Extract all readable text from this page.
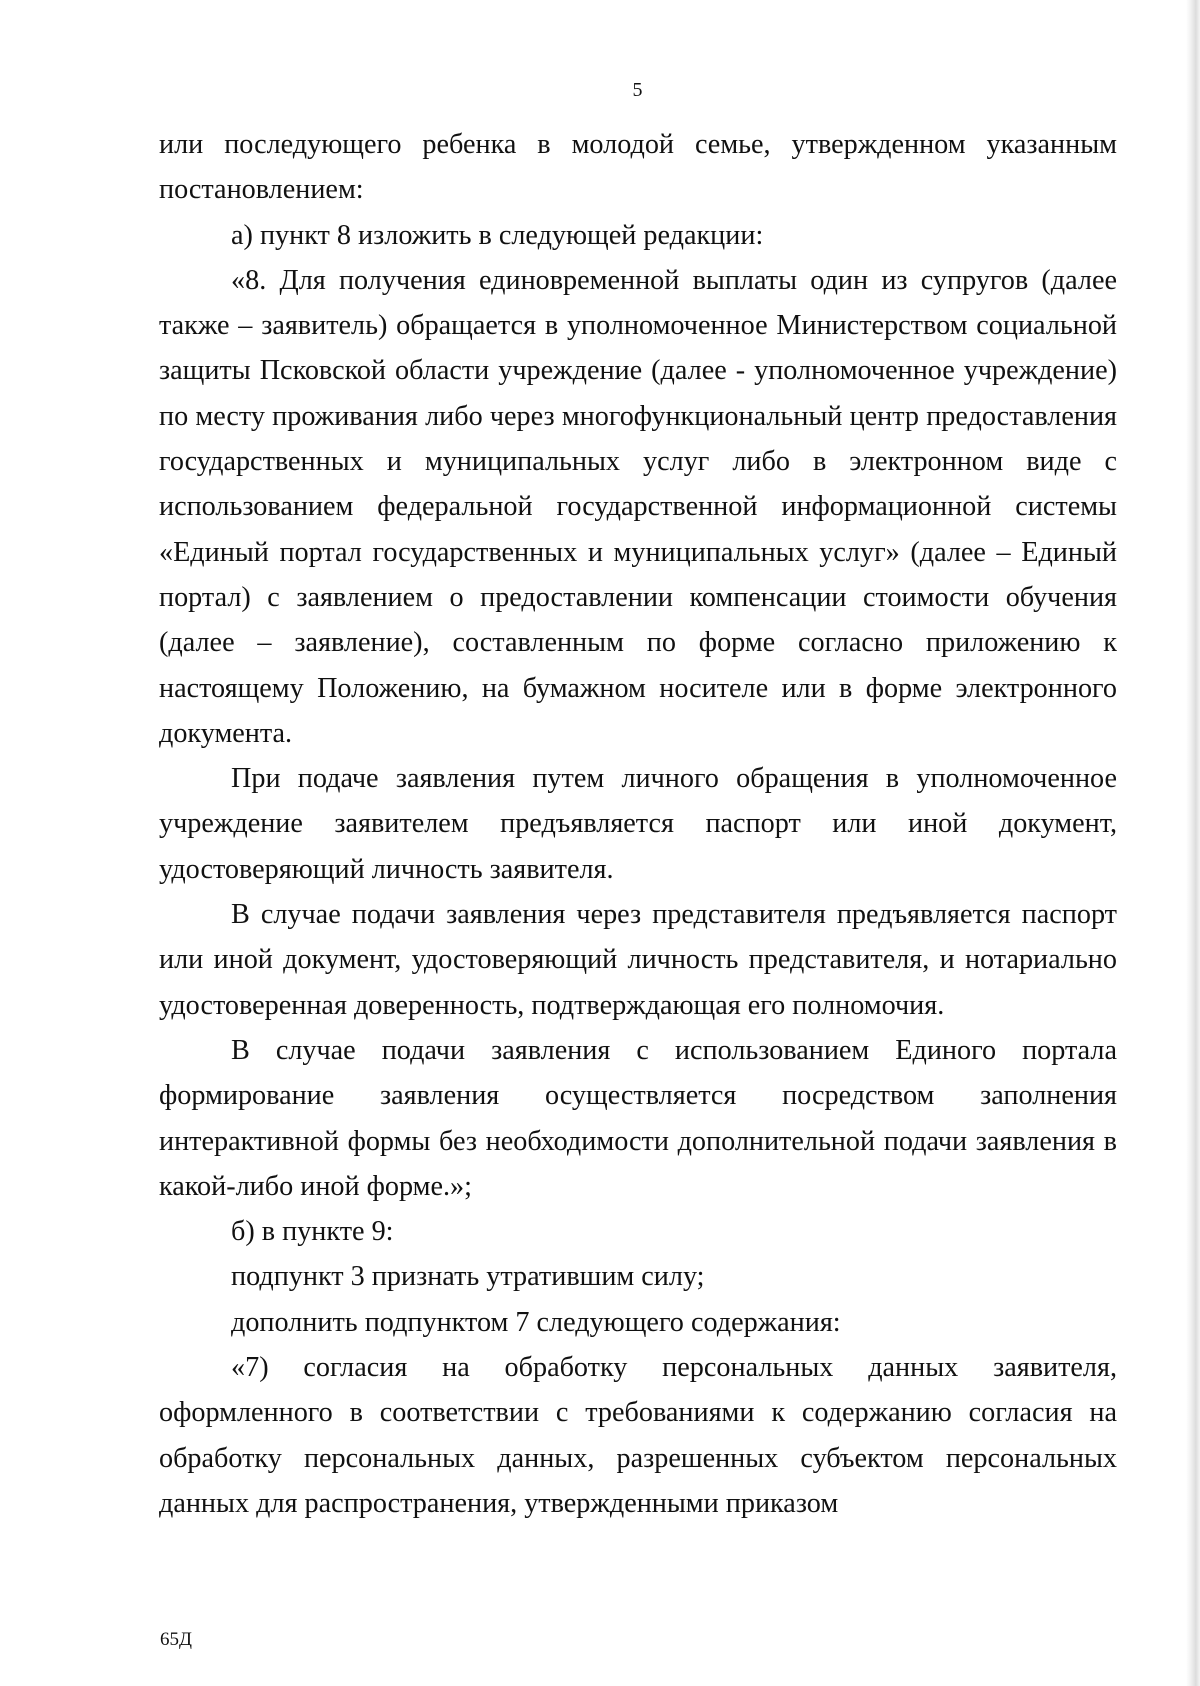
5

или последующего ребенка в молодой семье, утвержденном указанным постановлением:

а) пункт 8 изложить в следующей редакции:

«8. Для получения единовременной выплаты один из супругов (далее также – заявитель) обращается в уполномоченное Министерством социальной защиты Псковской области учреждение (далее - уполномоченное учреждение) по месту проживания либо через многофункциональный центр предоставления государственных и муниципальных услуг либо в электронном виде с использованием федеральной государственной информационной системы «Единый портал государственных и муниципальных услуг» (далее – Единый портал) с заявлением о предоставлении компенсации стоимости обучения (далее – заявление), составленным по форме согласно приложению к настоящему Положению, на бумажном носителе или в форме электронного документа.

При подаче заявления путем личного обращения в уполномоченное учреждение заявителем предъявляется паспорт или иной документ, удостоверяющий личность заявителя.

В случае подачи заявления через представителя предъявляется паспорт или иной документ, удостоверяющий личность представителя, и нотариально удостоверенная доверенность, подтверждающая его полномочия.

В случае подачи заявления с использованием Единого портала формирование заявления осуществляется посредством заполнения интерактивной формы без необходимости дополнительной подачи заявления в какой-либо иной форме.»;

б) в пункте 9:

подпункт 3 признать утратившим силу;

дополнить подпунктом 7 следующего содержания:

«7) согласия на обработку персональных данных заявителя, оформленного в соответствии с требованиями к содержанию согласия на обработку персональных данных, разрешенных субъектом персональных данных для распространения, утвержденными приказом

65Д
